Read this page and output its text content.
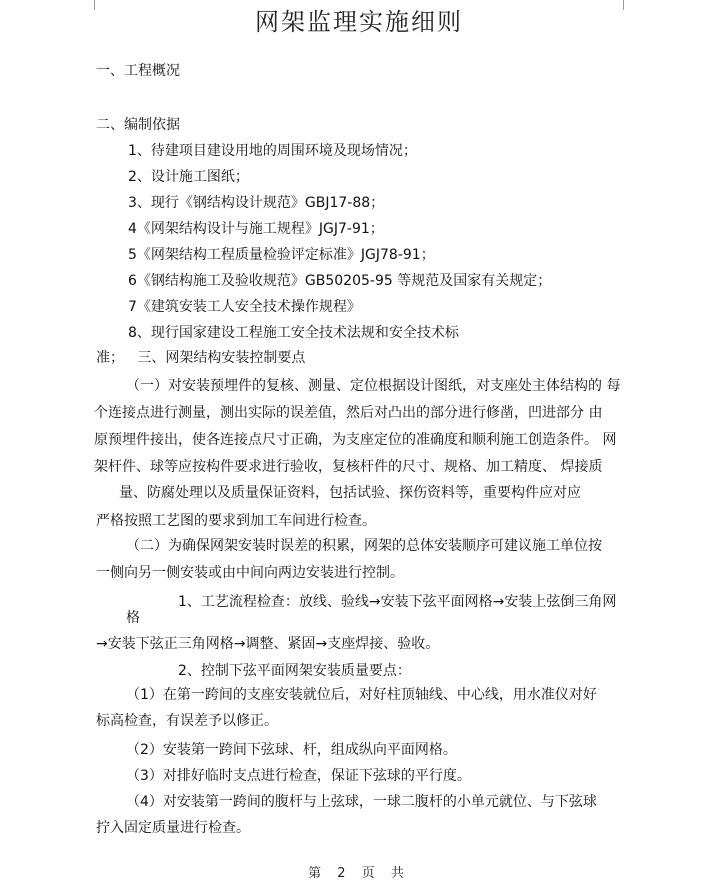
网架监理实施细则
一、工程概况
二、编制依据
1、待建项目建设用地的周围环境及现场情况；
2、设计施工图纸；
3、现行《钢结构设计规范》GBJ17-88；
4《网架结构设计与施工规程》JGJ7-91；
5《网架结构工程质量检验评定标准》JGJ78-91；
6《钢结构施工及验收规范》GB50205-95 等规范及国家有关规定；
7《建筑安装工人安全技术操作规程》
8、现行国家建设工程施工安全技术法规和安全技术标
准；   三、网架结构安装控制要点
（一）对安装预埋件的复核、测量、定位根据设计图纸，对支座处主体结构的 每
个连接点进行测量，测出实际的误差值，然后对凸出的部分进行修凿，凹进部分 由
原预埋件接出，使各连接点尺寸正确，为支座定位的准确度和顺利施工创造条件。 网
架杆件、球等应按构件要求进行验收，复核杆件的尺寸、规格、加工精度、 焊接质
量、防腐处理以及质量保证资料，包括试验、探伤资料等，重要构件应对应
严格按照工艺图的要求到加工车间进行检查。
（二）为确保网架安装时误差的积累，网架的总体安装顺序可建议施工单位按
一侧向另一侧安装或由中间向两边安装进行控制。
1、工艺流程检查：放线、验线→安装下弦平面网格→安装上弦倒三角网
格
→安装下弦正三角网格→调整、紧固→支座焊接、验收。
2、控制下弦平面网架安装质量要点：
（1）在第一跨间的支座安装就位后，对好柱顶轴线、中心线，用水准仪对好
标高检查，有误差予以修正。
（2）安装第一跨间下弦球、杆，组成纵向平面网格。
（3）对排好临时支点进行检查，保证下弦球的平行度。
（4）对安装第一跨间的腹杆与上弦球，一球二腹杆的小单元就位、与下弦球
拧入固定质量进行检查。
第 2 页 共
